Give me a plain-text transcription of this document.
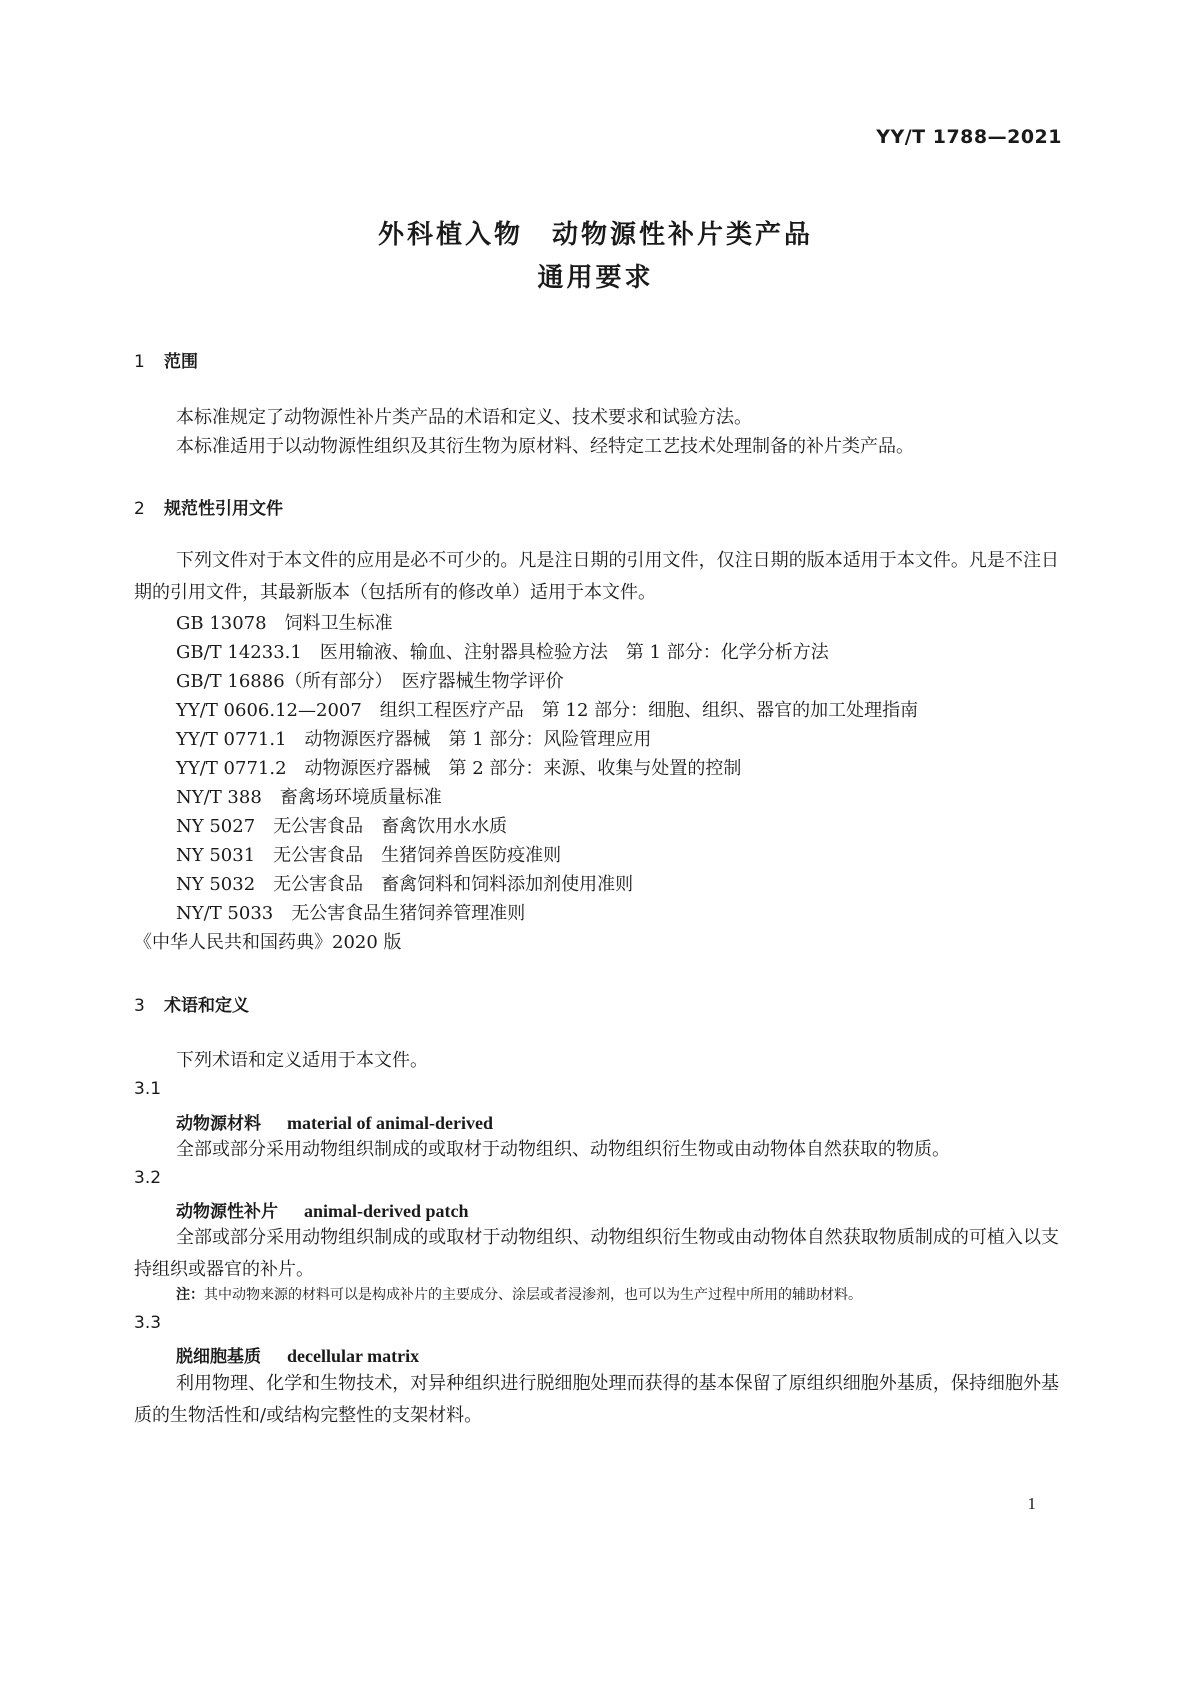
YY/T 1788—2021
外科植入物　动物源性补片类产品
通用要求
1 范围
本标准规定了动物源性补片类产品的术语和定义、技术要求和试验方法。
本标准适用于以动物源性组织及其衍生物为原材料、经特定工艺技术处理制备的补片类产品。
2 规范性引用文件
下列文件对于本文件的应用是必不可少的。凡是注日期的引用文件，仅注日期的版本适用于本文件。凡是不注日期的引用文件，其最新版本（包括所有的修改单）适用于本文件。
GB 13078　饲料卫生标准
GB/T 14233.1　医用输液、输血、注射器具检验方法　第 1 部分：化学分析方法
GB/T 16886（所有部分）　医疗器械生物学评价
YY/T 0606.12—2007　组织工程医疗产品　第 12 部分：细胞、组织、器官的加工处理指南
YY/T 0771.1　动物源医疗器械　第 1 部分：风险管理应用
YY/T 0771.2　动物源医疗器械　第 2 部分：来源、收集与处置的控制
NY/T 388　畜禽场环境质量标准
NY 5027　无公害食品　畜禽饮用水水质
NY 5031　无公害食品　生猪饲养兽医防疫准则
NY 5032　无公害食品　畜禽饲料和饲料添加剂使用准则
NY/T 5033　无公害食品生猪饲养管理准则
《中华人民共和国药典》2020 版
3 术语和定义
下列术语和定义适用于本文件。
3.1
动物源材料 material of animal-derived
全部或部分采用动物组织制成的或取材于动物组织、动物组织衍生物或由动物体自然获取的物质。
3.2
动物源性补片 animal-derived patch
全部或部分采用动物组织制成的或取材于动物组织、动物组织衍生物或由动物体自然获取物质制成的可植入以支持组织或器官的补片。
注：其中动物来源的材料可以是构成补片的主要成分、涂层或者浸渗剂，也可以为生产过程中所用的辅助材料。
3.3
脱细胞基质 decellular matrix
利用物理、化学和生物技术，对异种组织进行脱细胞处理而获得的基本保留了原组织细胞外基质，保持细胞外基质的生物活性和/或结构完整性的支架材料。
1
